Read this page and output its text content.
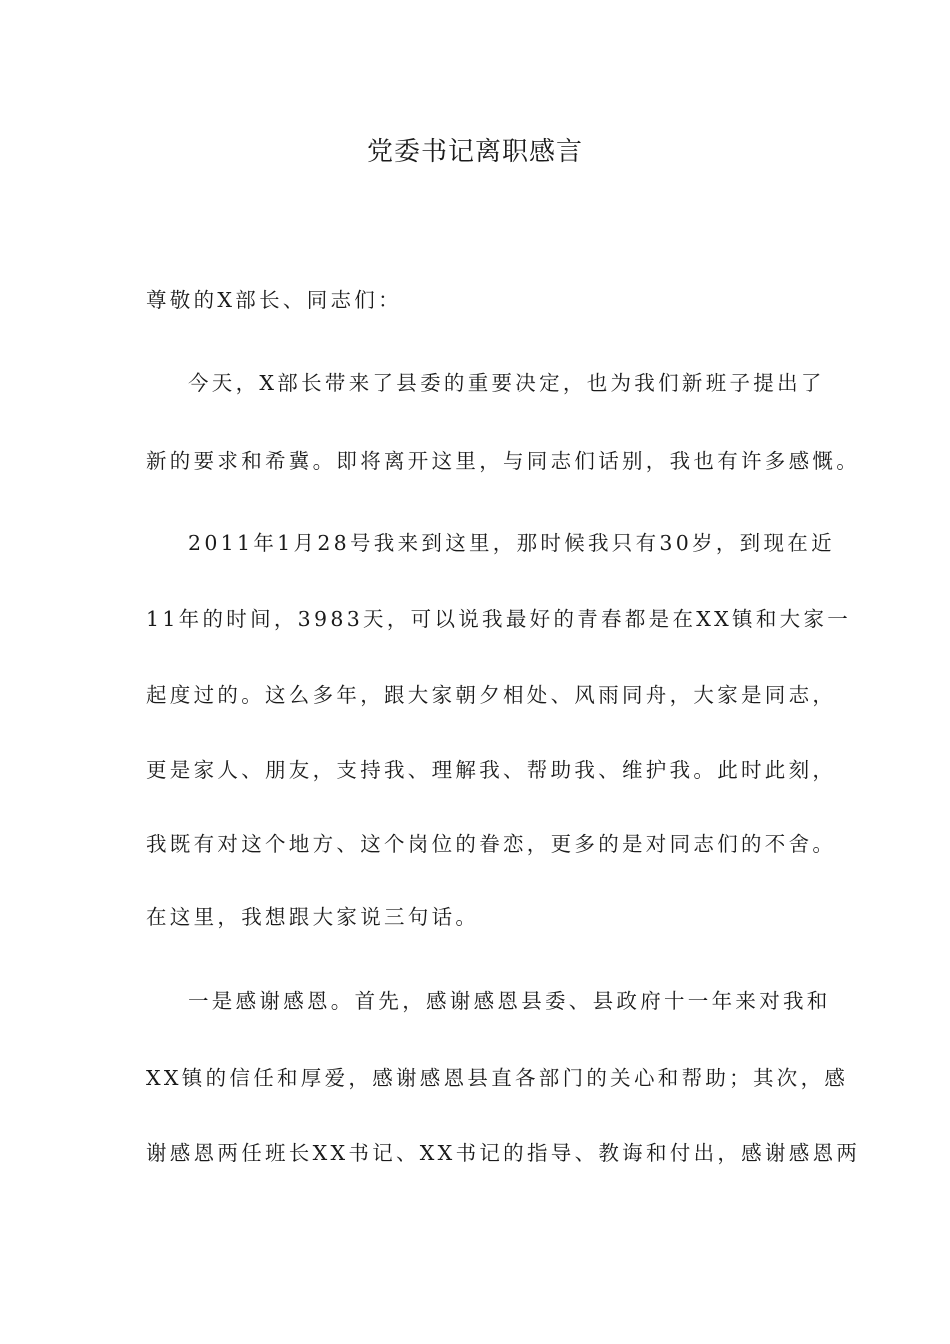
党委书记离职感言
尊敬的X部长、同志们：
今天，X部长带来了县委的重要决定，也为我们新班子提出了
新的要求和希冀。即将离开这里，与同志们话别，我也有许多感慨。
2011年1月28号我来到这里，那时候我只有30岁，到现在近
11年的时间，3983天，可以说我最好的青春都是在XX镇和大家一
起度过的。这么多年，跟大家朝夕相处、风雨同舟，大家是同志，
更是家人、朋友，支持我、理解我、帮助我、维护我。此时此刻，
我既有对这个地方、这个岗位的眷恋，更多的是对同志们的不舍。
在这里，我想跟大家说三句话。
一是感谢感恩。首先，感谢感恩县委、县政府十一年来对我和
XX镇的信任和厚爱，感谢感恩县直各部门的关心和帮助；其次，感
谢感恩两任班长XX书记、XX书记的指导、教诲和付出，感谢感恩两
